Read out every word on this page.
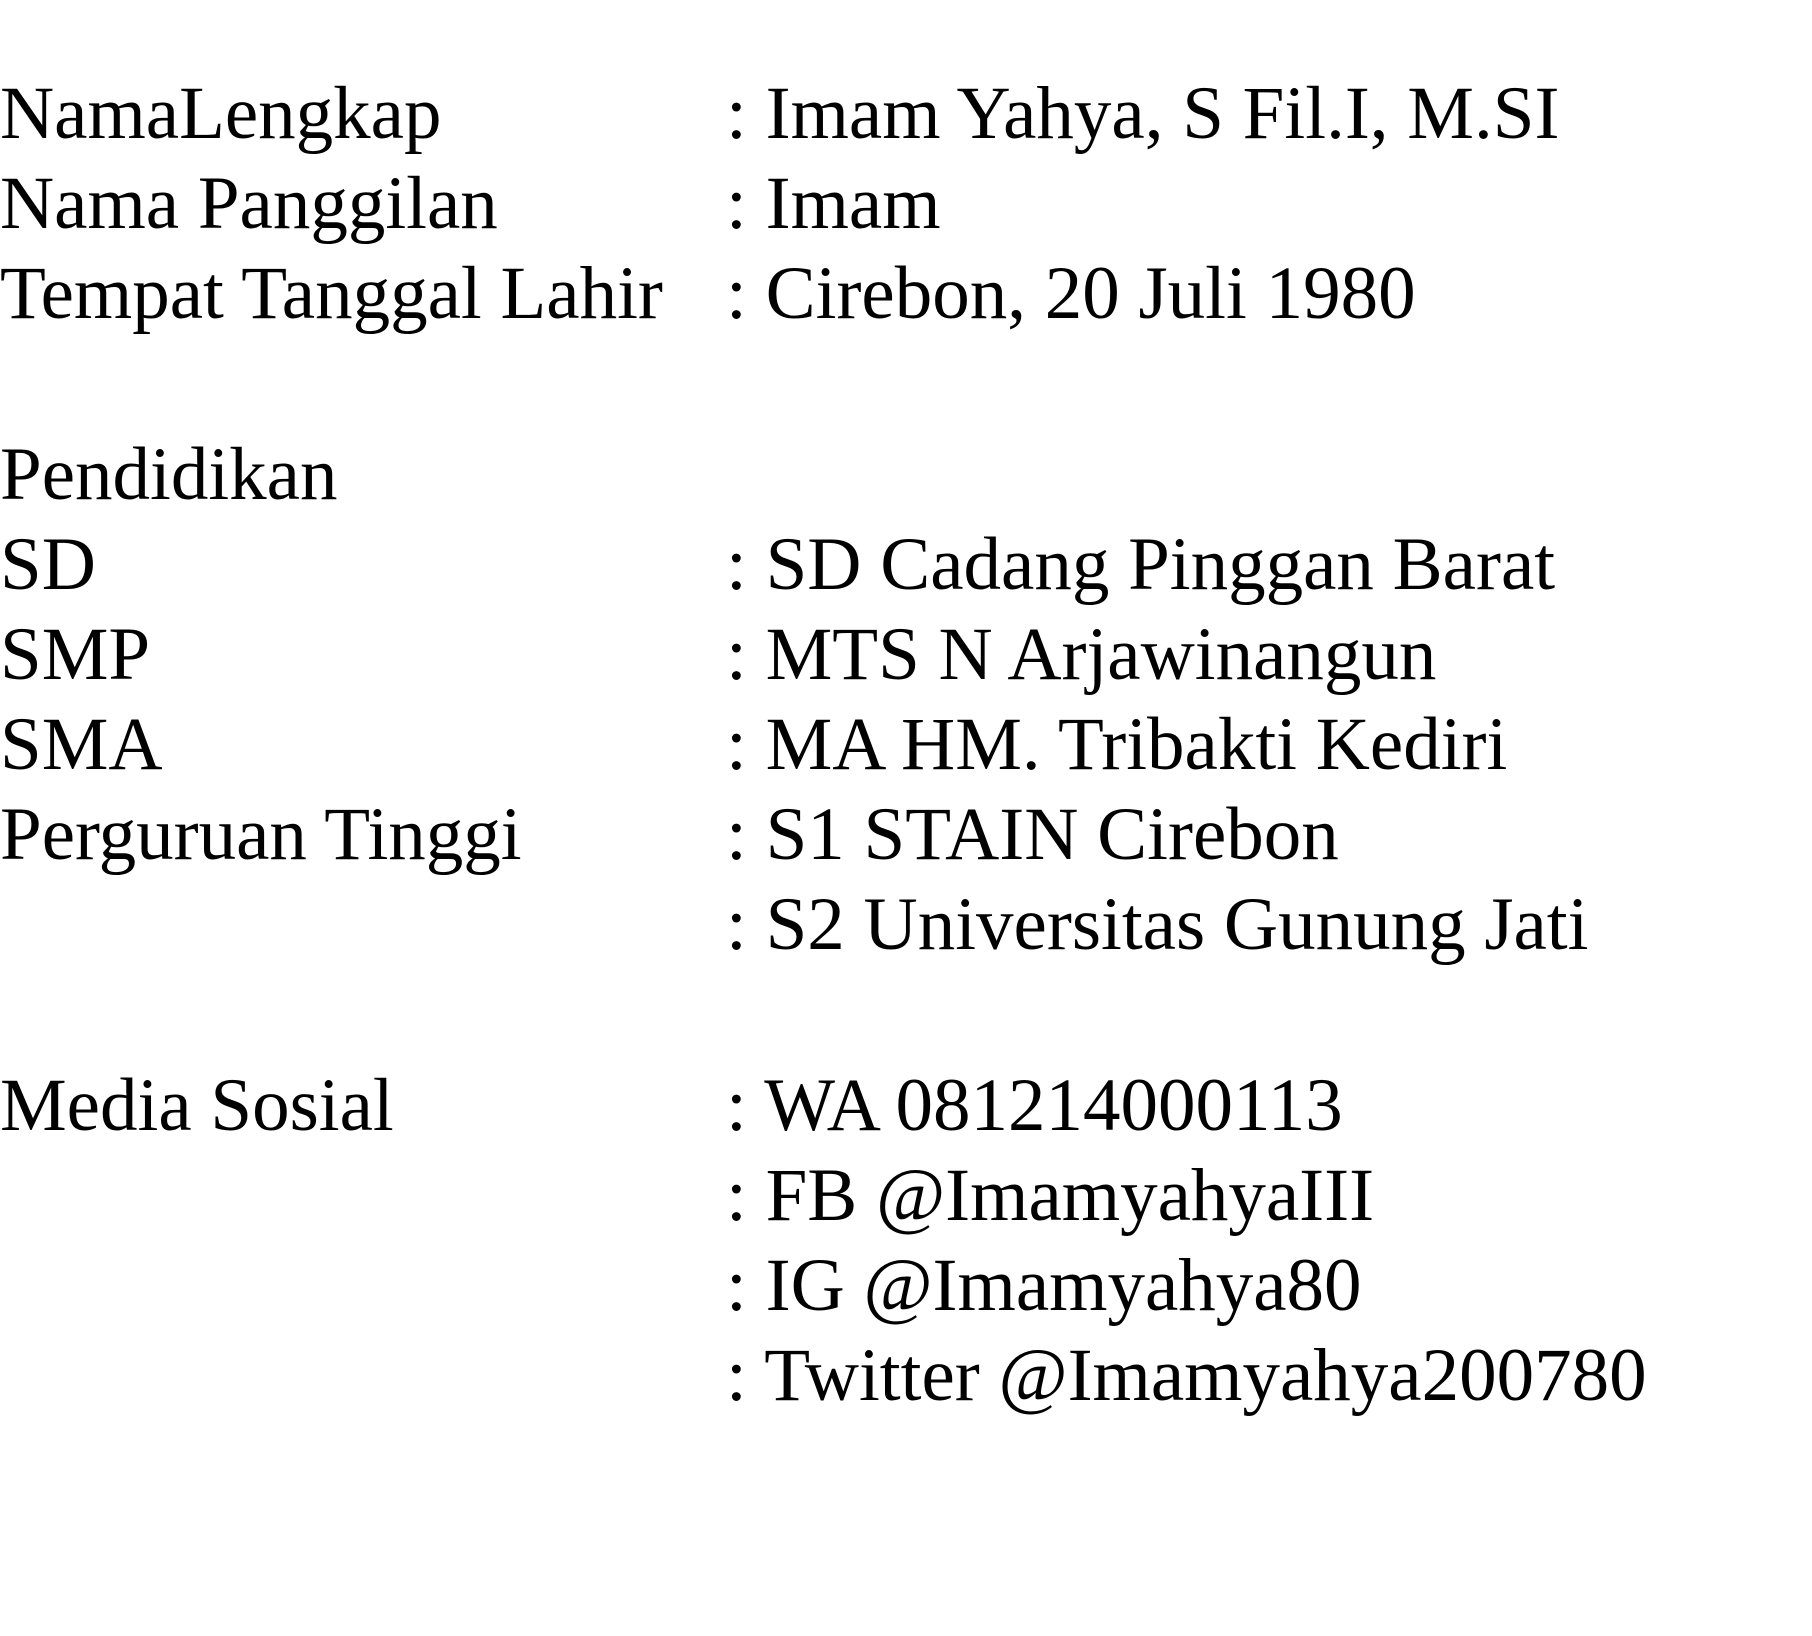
NamaLengkap	: Imam Yahya, S Fil.I, M.SI
Nama Panggilan	: Imam
Tempat Tanggal Lahir : Cirebon, 20 Juli 1980
Pendidikan
SD	: SD Cadang Pinggan Barat
SMP	: MTS N Arjawinangun
SMA	: MA HM. Tribakti Kediri
Perguruan Tinggi	: S1 STAIN Cirebon
: S2 Universitas Gunung Jati
Media Sosial	: WA 081214000113
: FB @ImamyahyaIII
: IG @Imamyahya80
: Twitter @Imamyahya200780
